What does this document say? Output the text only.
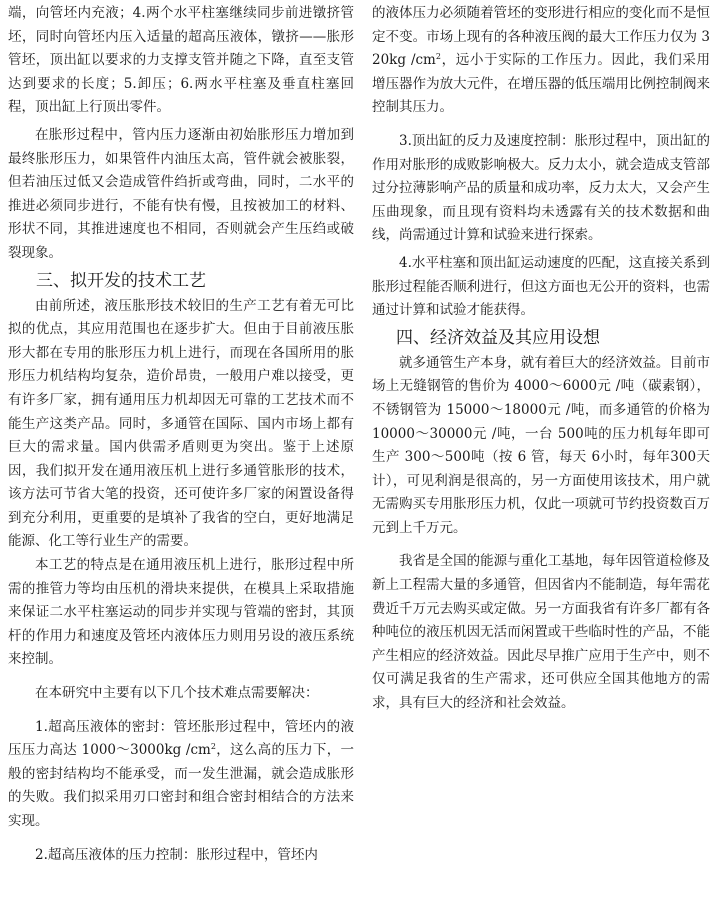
端，向管坯内充液；4.两个水平柱塞继续同步前进镦挤管坯，同时向管坯内压入适量的超高压液体，镦挤——胀形管坯，顶出缸以要求的力支撑支管并随之下降，直至支管达到要求的长度；5.卸压；6.两水平柱塞及垂直柱塞回程，顶出缸上行顶出零件。

在胀形过程中，管内压力逐渐由初始胀形压力增加到最终胀形压力，如果管件内油压太高，管件就会被胀裂，但若油压过低又会造成管件绉折或弯曲，同时，二水平的推进必须同步进行，不能有快有慢，且按被加工的材料、形状不同，其推进速度也不相同，否则就会产生压绉或破裂现象。

三、拟开发的技术工艺

由前所述，液压胀形技术较旧的生产工艺有着无可比拟的优点，其应用范围也在逐步扩大。但由于目前液压胀形大都在专用的胀形压力机上进行，而现在各国所用的胀形压力机结构均复杂，造价昂贵，一般用户难以接受，更有许多厂家，拥有通用压力机却因无可靠的工艺技术而不能生产这类产品。同时，多通管在国际、国内市场上都有巨大的需求量。国内供需矛盾则更为突出。鉴于上述原因，我们拟开发在通用液压机上进行多通管胀形的技术，该方法可节省大笔的投资，还可使许多厂家的闲置设备得到充分利用，更重要的是填补了我省的空白，更好地满足能源、化工等行业生产的需要。

本工艺的特点是在通用液压机上进行，胀形过程中所需的推管力等均由压机的滑块来提供，在模具上采取措施来保证二水平柱塞运动的同步并实现与管端的密封，其顶杆的作用力和速度及管坯内液体压力则用另设的液压系统来控制。

在本研究中主要有以下几个技术难点需要解决：

1.超高压液体的密封：管坯胀形过程中，管坯内的液压压力高达 1000～3000kg $/cm^2$，这么高的压力下，一般的密封结构均不能承受，而一发生泄漏，就会造成胀形的失败。我们拟采用刃口密封和组合密封相结合的方法来实现。

2.超高压液体的压力控制：胀形过程中，管坯内

的液体压力必须随着管坯的变形进行相应的变化而不是恒定不变。市场上现有的各种液压阀的最大工作压力仅为 320kg $/cm^2$，远小于实际的工作压力。因此，我们采用增压器作为放大元件，在增压器的低压端用比例控制阀来控制其压力。

3.顶出缸的反力及速度控制：胀形过程中，顶出缸的作用对胀形的成败影响极大。反力太小，就会造成支管部过分拉薄影响产品的质量和成功率，反力太大，又会产生压曲现象，而且现有资料均未透露有关的技术数据和曲线，尚需通过计算和试验来进行探索。

4.水平柱塞和顶出缸运动速度的匹配，这直接关系到胀形过程能否顺利进行，但这方面也无公开的资料，也需通过计算和试验才能获得。

四、经济效益及其应用设想

就多通管生产本身，就有着巨大的经济效益。目前市场上无缝钢管的售价为 4000～6000元 /吨（碳素钢），不锈钢管为 15000～18000元 /吨，而多通管的价格为 10000～30000元 /吨，一台 500吨的压力机每年即可生产 300～500吨（按 6 管，每天 6小时，每年300天计），可见利润是很高的，另一方面使用该技术，用户就无需购买专用胀形压力机，仅此一项就可节约投资数百万元到上千万元。

我省是全国的能源与重化工基地，每年因管道检修及新上工程需大量的多通管，但因省内不能制造，每年需花费近千万元去购买或定做。另一方面我省有许多厂都有各种吨位的液压机因无活而闲置或干些临时性的产品，不能产生相应的经济效益。因此尽早推广应用于生产中，则不仅可满足我省的生产需求，还可供应全国其他地方的需求，具有巨大的经济和社会效益。
